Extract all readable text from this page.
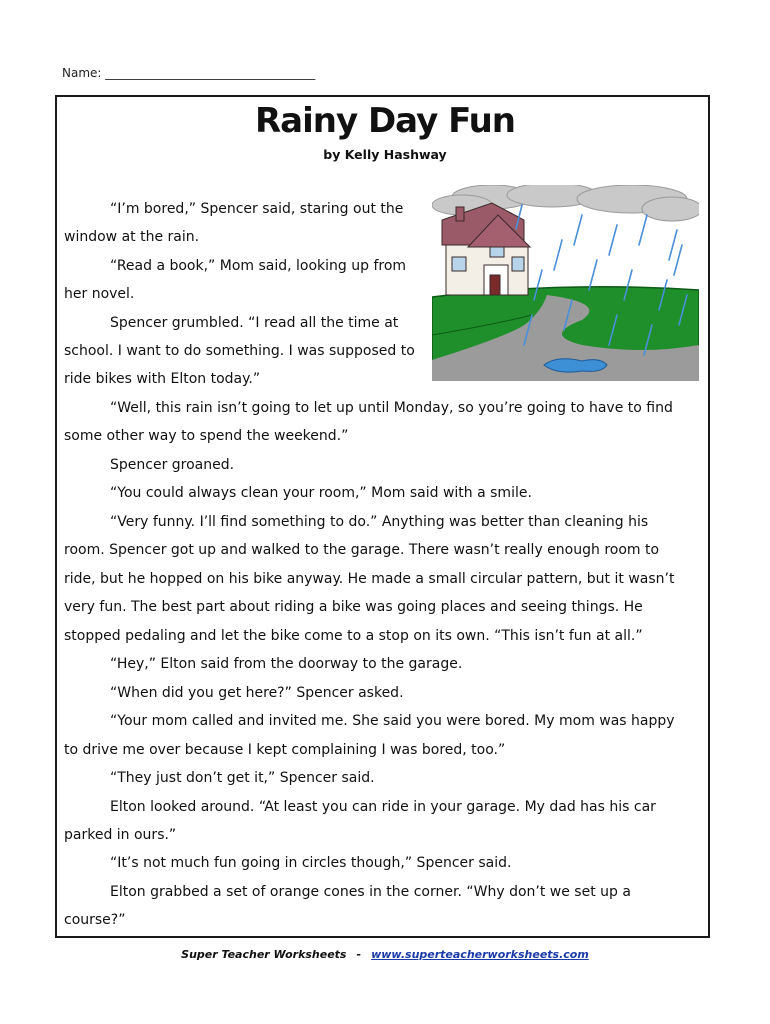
Name: ___________________________________
Rainy Day Fun
by Kelly Hashway
“I’m bored,” Spencer said, staring out the
window at the rain.
“Read a book,” Mom said, looking up from
her novel.
Spencer grumbled. “I read all the time at
school. I want to do something. I was supposed to
ride bikes with Elton today.”
“Well, this rain isn’t going to let up until Monday, so you’re going to have to find
some other way to spend the weekend.”
Spencer groaned.
“You could always clean your room,” Mom said with a smile.
“Very funny. I’ll find something to do.” Anything was better than cleaning his
room. Spencer got up and walked to the garage. There wasn’t really enough room to
ride, but he hopped on his bike anyway. He made a small circular pattern, but it wasn’t
very fun. The best part about riding a bike was going places and seeing things. He
stopped pedaling and let the bike come to a stop on its own. “This isn’t fun at all.”
“Hey,” Elton said from the doorway to the garage.
“When did you get here?” Spencer asked.
“Your mom called and invited me. She said you were bored. My mom was happy
to drive me over because I kept complaining I was bored, too.”
“They just don’t get it,” Spencer said.
Elton looked around. “At least you can ride in your garage. My dad has his car
parked in ours.”
“It’s not much fun going in circles though,” Spencer said.
Elton grabbed a set of orange cones in the corner. “Why don’t we set up a
course?”
Super Teacher Worksheets - www.superteacherworksheets.com
